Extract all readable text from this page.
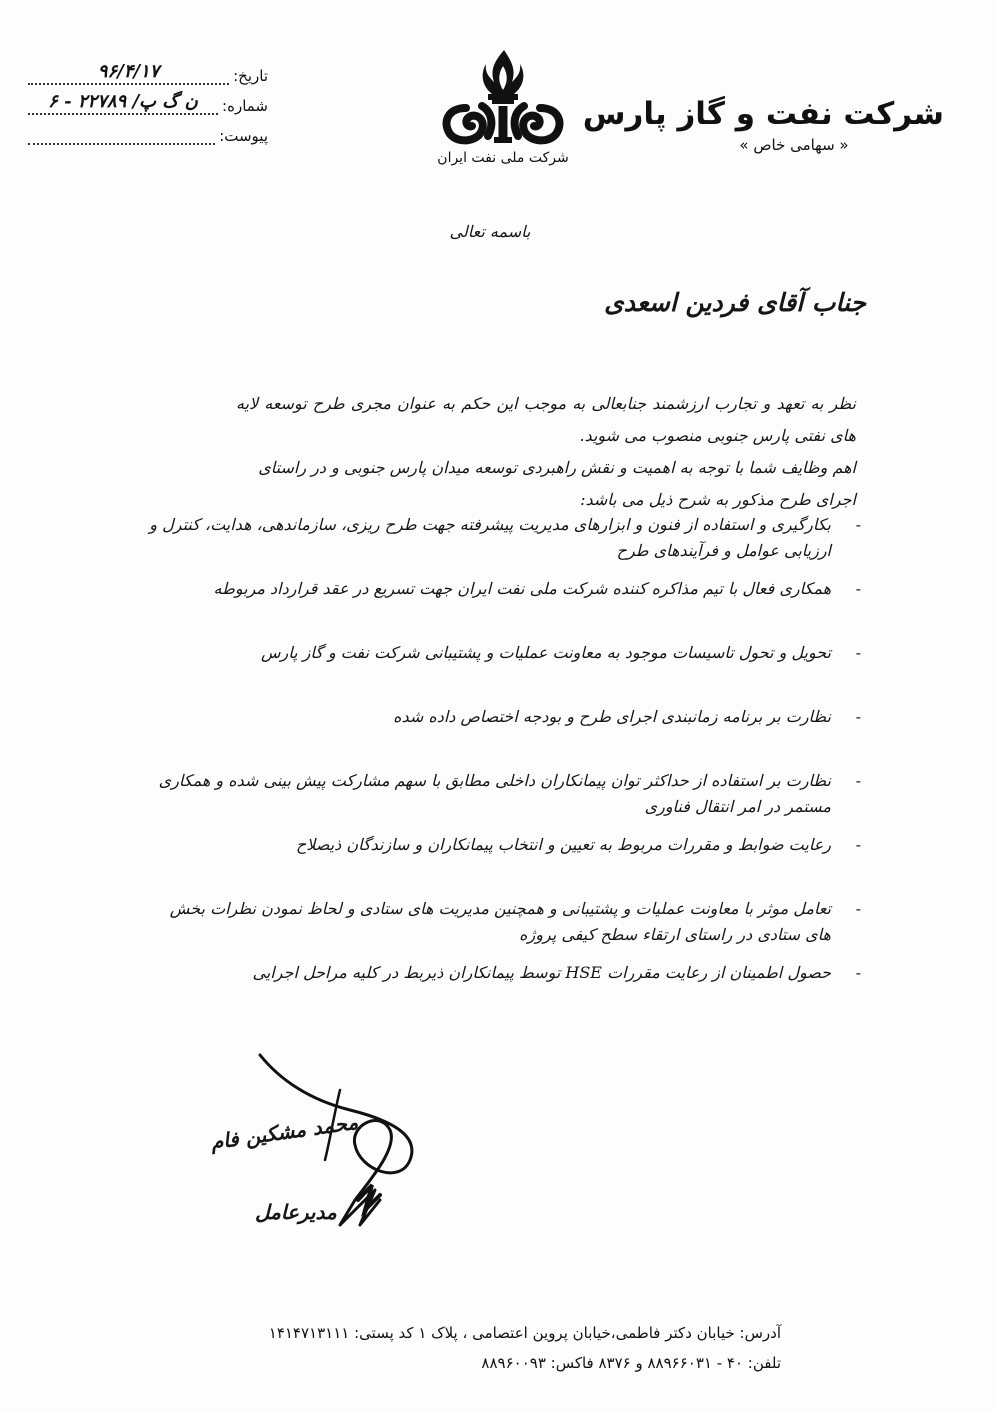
شرکت نفت و گاز پارس
« سهامی خاص »
شرکت ملی نفت ایران
تاریخ:
۹۶/۴/۱۷
شماره:
ن گ پ/ ۲۲۷۸۹ - ۶
پیوست:
باسمه تعالی
جناب آقای فردین اسعدی
نظر به تعهد و تجارب ارزشمند جنابعالی به موجب این حکم به عنوان مجری طرح توسعه لایه های نفتی پارس جنوبی منصوب می شوید.
اهم وظایف شما با توجه به اهمیت و نقش راهبردی توسعه میدان پارس جنوبی و در راستای اجرای طرح مذکور به شرح ذیل می باشد:
-
بکارگیری و استفاده از فنون و ابزارهای مدیریت پیشرفته جهت طرح ریزی، سازماندهی، هدایت، کنترل و ارزیابی عوامل و فرآیندهای طرح
-
همکاری فعال با تیم مذاکره کننده شرکت ملی نفت ایران جهت تسریع در عقد قرارداد مربوطه
-
تحویل و تحول تاسیسات موجود به معاونت عملیات و پشتیبانی شرکت نفت و گاز پارس
-
نظارت بر برنامه زمانبندی اجرای طرح و بودجه اختصاص داده شده
-
نظارت بر استفاده از حداکثر توان پیمانکاران داخلی مطابق با سهم مشارکت پیش بینی شده و همکاری مستمر در امر انتقال فناوری
-
رعایت ضوابط و مقررات مربوط به تعیین و انتخاب پیمانکاران و سازندگان ذیصلاح
-
تعامل موثر با معاونت عملیات و پشتیبانی و همچنین مدیریت های ستادی و لحاظ نمودن نظرات بخش های ستادی در راستای ارتقاء سطح کیفی پروژه
-
حصول اطمینان از رعایت مقررات HSE توسط پیمانکاران ذیربط در کلیه مراحل اجرایی
محمد مشکین فام
مدیرعامل
آدرس: خیابان دکتر فاطمی،خیابان پروین اعتصامی ، پلاک ۱ کد پستی: ۱۴۱۴۷۱۳۱۱۱
تلفن: ۴۰ - ۸۸۹۶۶۰۳۱ و ۸۳۷۶ فاکس: ۸۸۹۶۰۰۹۳
